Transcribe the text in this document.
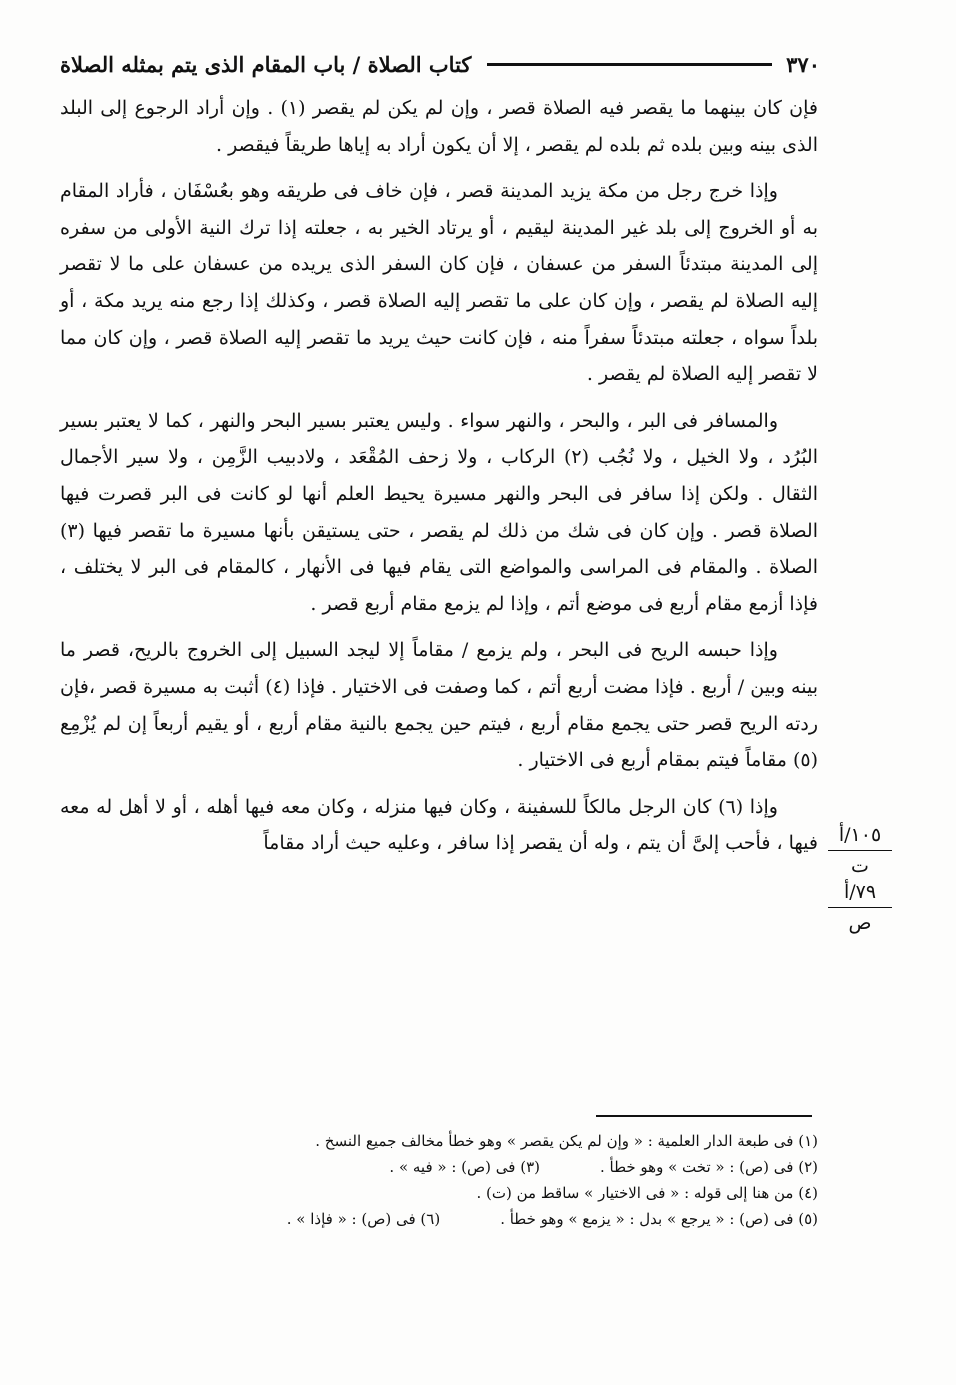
٣٧٠
كتاب الصلاة / باب المقام الذى يتم بمثله الصلاة

فإن كان بينهما ما يقصر فيه الصلاة قصر ، وإن لم يكن لم يقصر (١) . وإن أراد الرجوع إلى البلد الذى بينه وبين بلده ثم بلده لم يقصر ، إلا أن يكون أراد به إياها طريقاً فيقصر .

وإذا خرج رجل من مكة يزيد المدينة قصر ، فإن خاف فى طريقه وهو بعُسْفَان ، فأراد المقام به أو الخروج إلى بلد غير المدينة ليقيم ، أو يرتاد الخير به ، جعلته إذا ترك النية الأولى من سفره إلى المدينة مبتدئاً السفر من عسفان ، فإن كان السفر الذى يريده من عسفان على ما لا تقصر إليه الصلاة لم يقصر ، وإن كان على ما تقصر إليه الصلاة قصر ، وكذلك إذا رجع منه يريد مكة ، أو بلداً سواه ، جعلته مبتدئاً سفراً منه ، فإن كانت حيث يريد ما تقصر إليه الصلاة قصر ، وإن كان مما لا تقصر إليه الصلاة لم يقصر .

والمسافر فى البر ، والبحر ، والنهر سواء . وليس يعتبر بسير البحر والنهر ، كما لا يعتبر بسير البُرُد ، ولا الخيل ، ولا نُجُب (٢) الركاب ، ولا زحف المُقْعَد ، ولادبيب الزَّمِن ، ولا سير الأجمال الثقال . ولكن إذا سافر فى البحر والنهر مسيرة يحيط العلم أنها لو كانت فى البر قصرت فيها الصلاة قصر . وإن كان فى شك من ذلك لم يقصر ، حتى يستيقن بأنها مسيرة ما تقصر فيها (٣) الصلاة . والمقام فى المراسى والمواضع التى يقام فيها فى الأنهار ، كالمقام فى البر لا يختلف ، فإذا أزمع مقام أربع فى موضع أتم ، وإذا لم يزمع مقام أربع قصر .

وإذا حبسه الريح فى البحر ، ولم يزمع / مقاماً إلا ليجد السبيل إلى الخروج بالريح، قصر ما بينه وبين / أربع . فإذا مضت أربع أتم ، كما وصفت فى الاختيار . فإذا (٤) أثبت به مسيرة قصر ،فإن ردته الريح قصر حتى يجمع مقام أربع ، فيتم حين يجمع بالنية مقام أربع ، أو يقيم أربعاً إن لم يُزْمِع (٥) مقاماً فيتم بمقام أربع فى الاختيار .

وإذا (٦) كان الرجل مالكاً للسفينة ، وكان فيها منزله ، وكان معه فيها أهله ، أو لا أهل له معه فيها ، فأحب إلىَّ أن يتم ، وله أن يقصر إذا سافر ، وعليه حيث أراد مقاماً	١٠٥/أ
ت
٧٩/أ
ص
(١) فى طبعة الدار العلمية : « وإن لم يكن يقصر » وهو خطأ مخالف جميع النسخ .
(٢) فى (ص) : « تخت » وهو خطأ .
(٣) فى (ص) : « فيه » .
(٤) من هنا إلى قوله : « فى الاختيار » ساقط من (ت) .
(٥) فى (ص) : « يرجع » بدل : « يزمع » وهو خطأ .
(٦) فى (ص) : « فإذا » .
